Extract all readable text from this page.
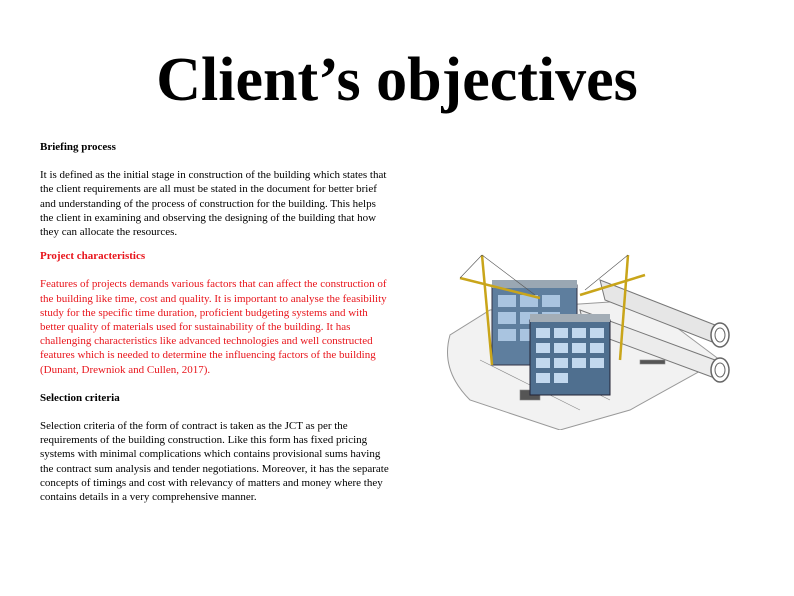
Client’s objectives

Briefing process

It is defined as the initial stage in construction of the building which states that the client requirements are all must be stated in the document for better brief and understanding of the process of construction for the building. This helps the client in examining and observing the designing of the building that how they can allocate the resources.

Project characteristics

Features of projects demands various factors that can affect the construction of the building like time, cost and quality. It is important to analyse the feasibility study for the specific time duration, proficient budgeting systems and with better quality of materials used for sustainability of the building. It has challenging characteristics like advanced technologies and well constructed features which is needed to determine the influencing factors of the building (Dunant, Drewniok and Cullen, 2017).

Selection criteria

Selection criteria of the form of contract is taken as the JCT as per the requirements of the building construction. Like this form has fixed pricing systems with minimal complications which contains provisional sums having the contract sum analysis and tender negotiations. Moreover, it has the separate concepts of timings and cost with relevancy of matters and money where they contains details in a very comprehensive manner.
